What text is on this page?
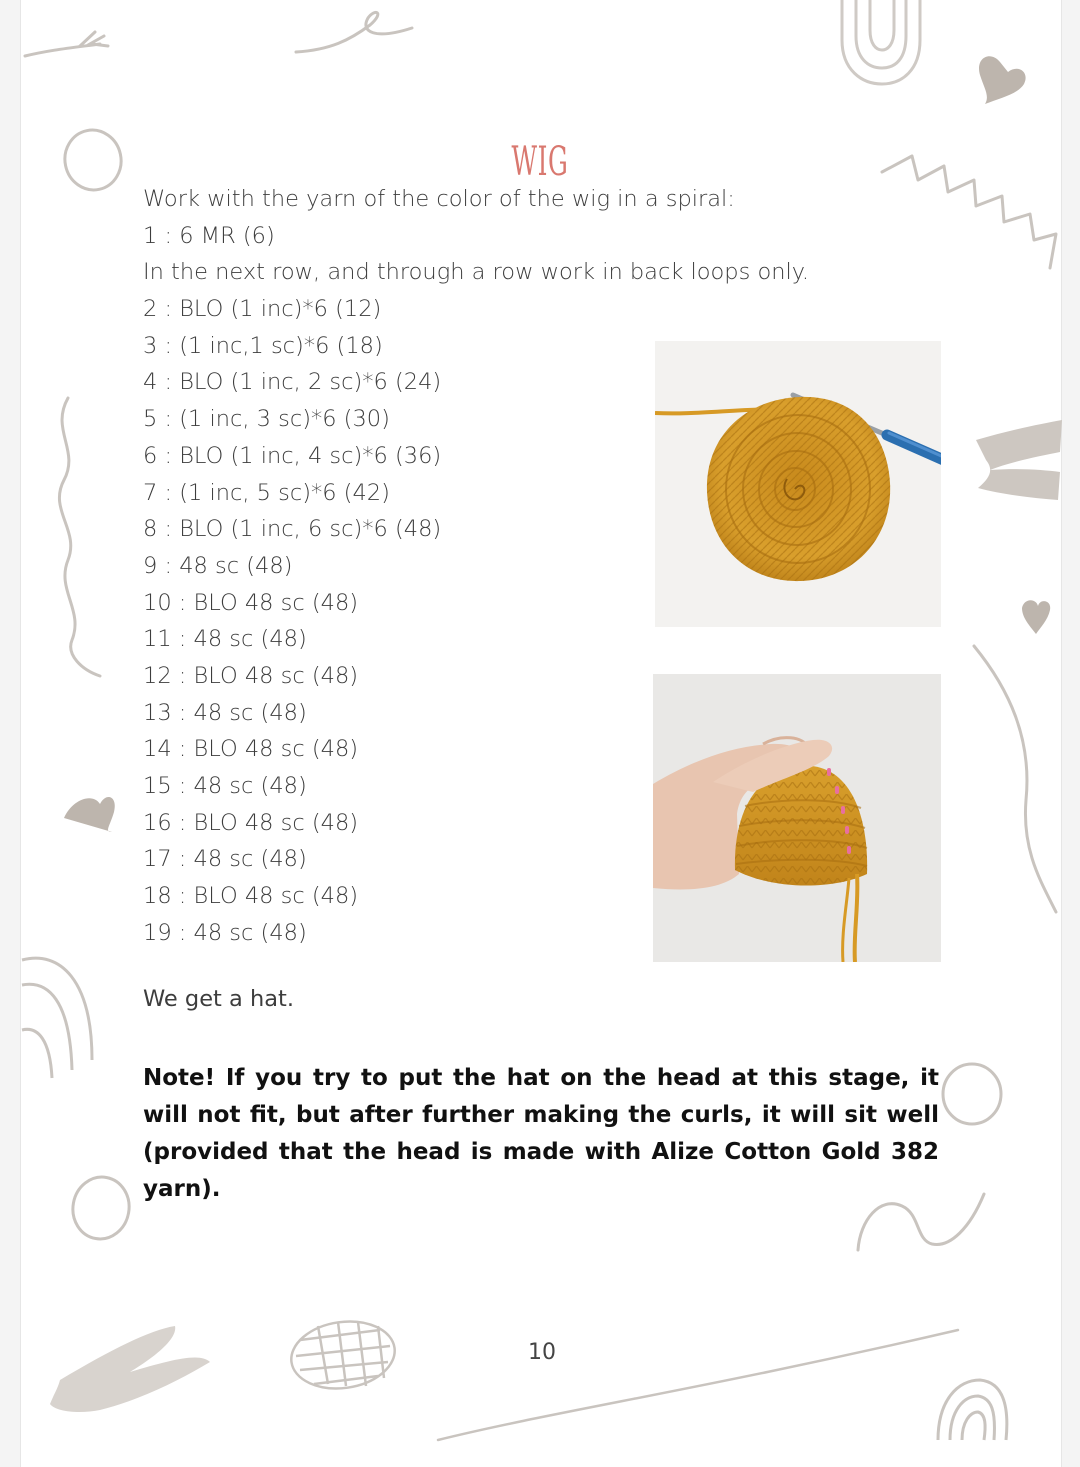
WIG
Work with the yarn of the color of the wig in a spiral:
1 : 6 MR (6)
In the next row, and through a row work in back loops only.
2 : BLO (1 inc)*6 (12)
3 : (1 inc,1 sc)*6 (18)
4 : BLO (1 inc, 2 sc)*6 (24)
5 : (1 inc, 3 sc)*6 (30)
6 : BLO (1 inc, 4 sc)*6 (36)
7 : (1 inc, 5 sc)*6 (42)
8 : BLO (1 inc, 6 sc)*6 (48)
9 : 48 sc (48)
10 : BLO 48 sc (48)
11 : 48 sc (48)
12 : BLO 48 sc (48)
13 : 48 sc (48)
14 : BLO 48 sc (48)
15 : 48 sc (48)
16 : BLO 48 sc (48)
17 : 48 sc (48)
18 : BLO 48 sc (48)
19 : 48 sc (48)
We get a hat.
Note! If you try to put the hat on the head at this stage, it will not fit, but after further making the curls, it will sit well (provided that the head is made with Alize Cotton Gold 382 yarn).
10
